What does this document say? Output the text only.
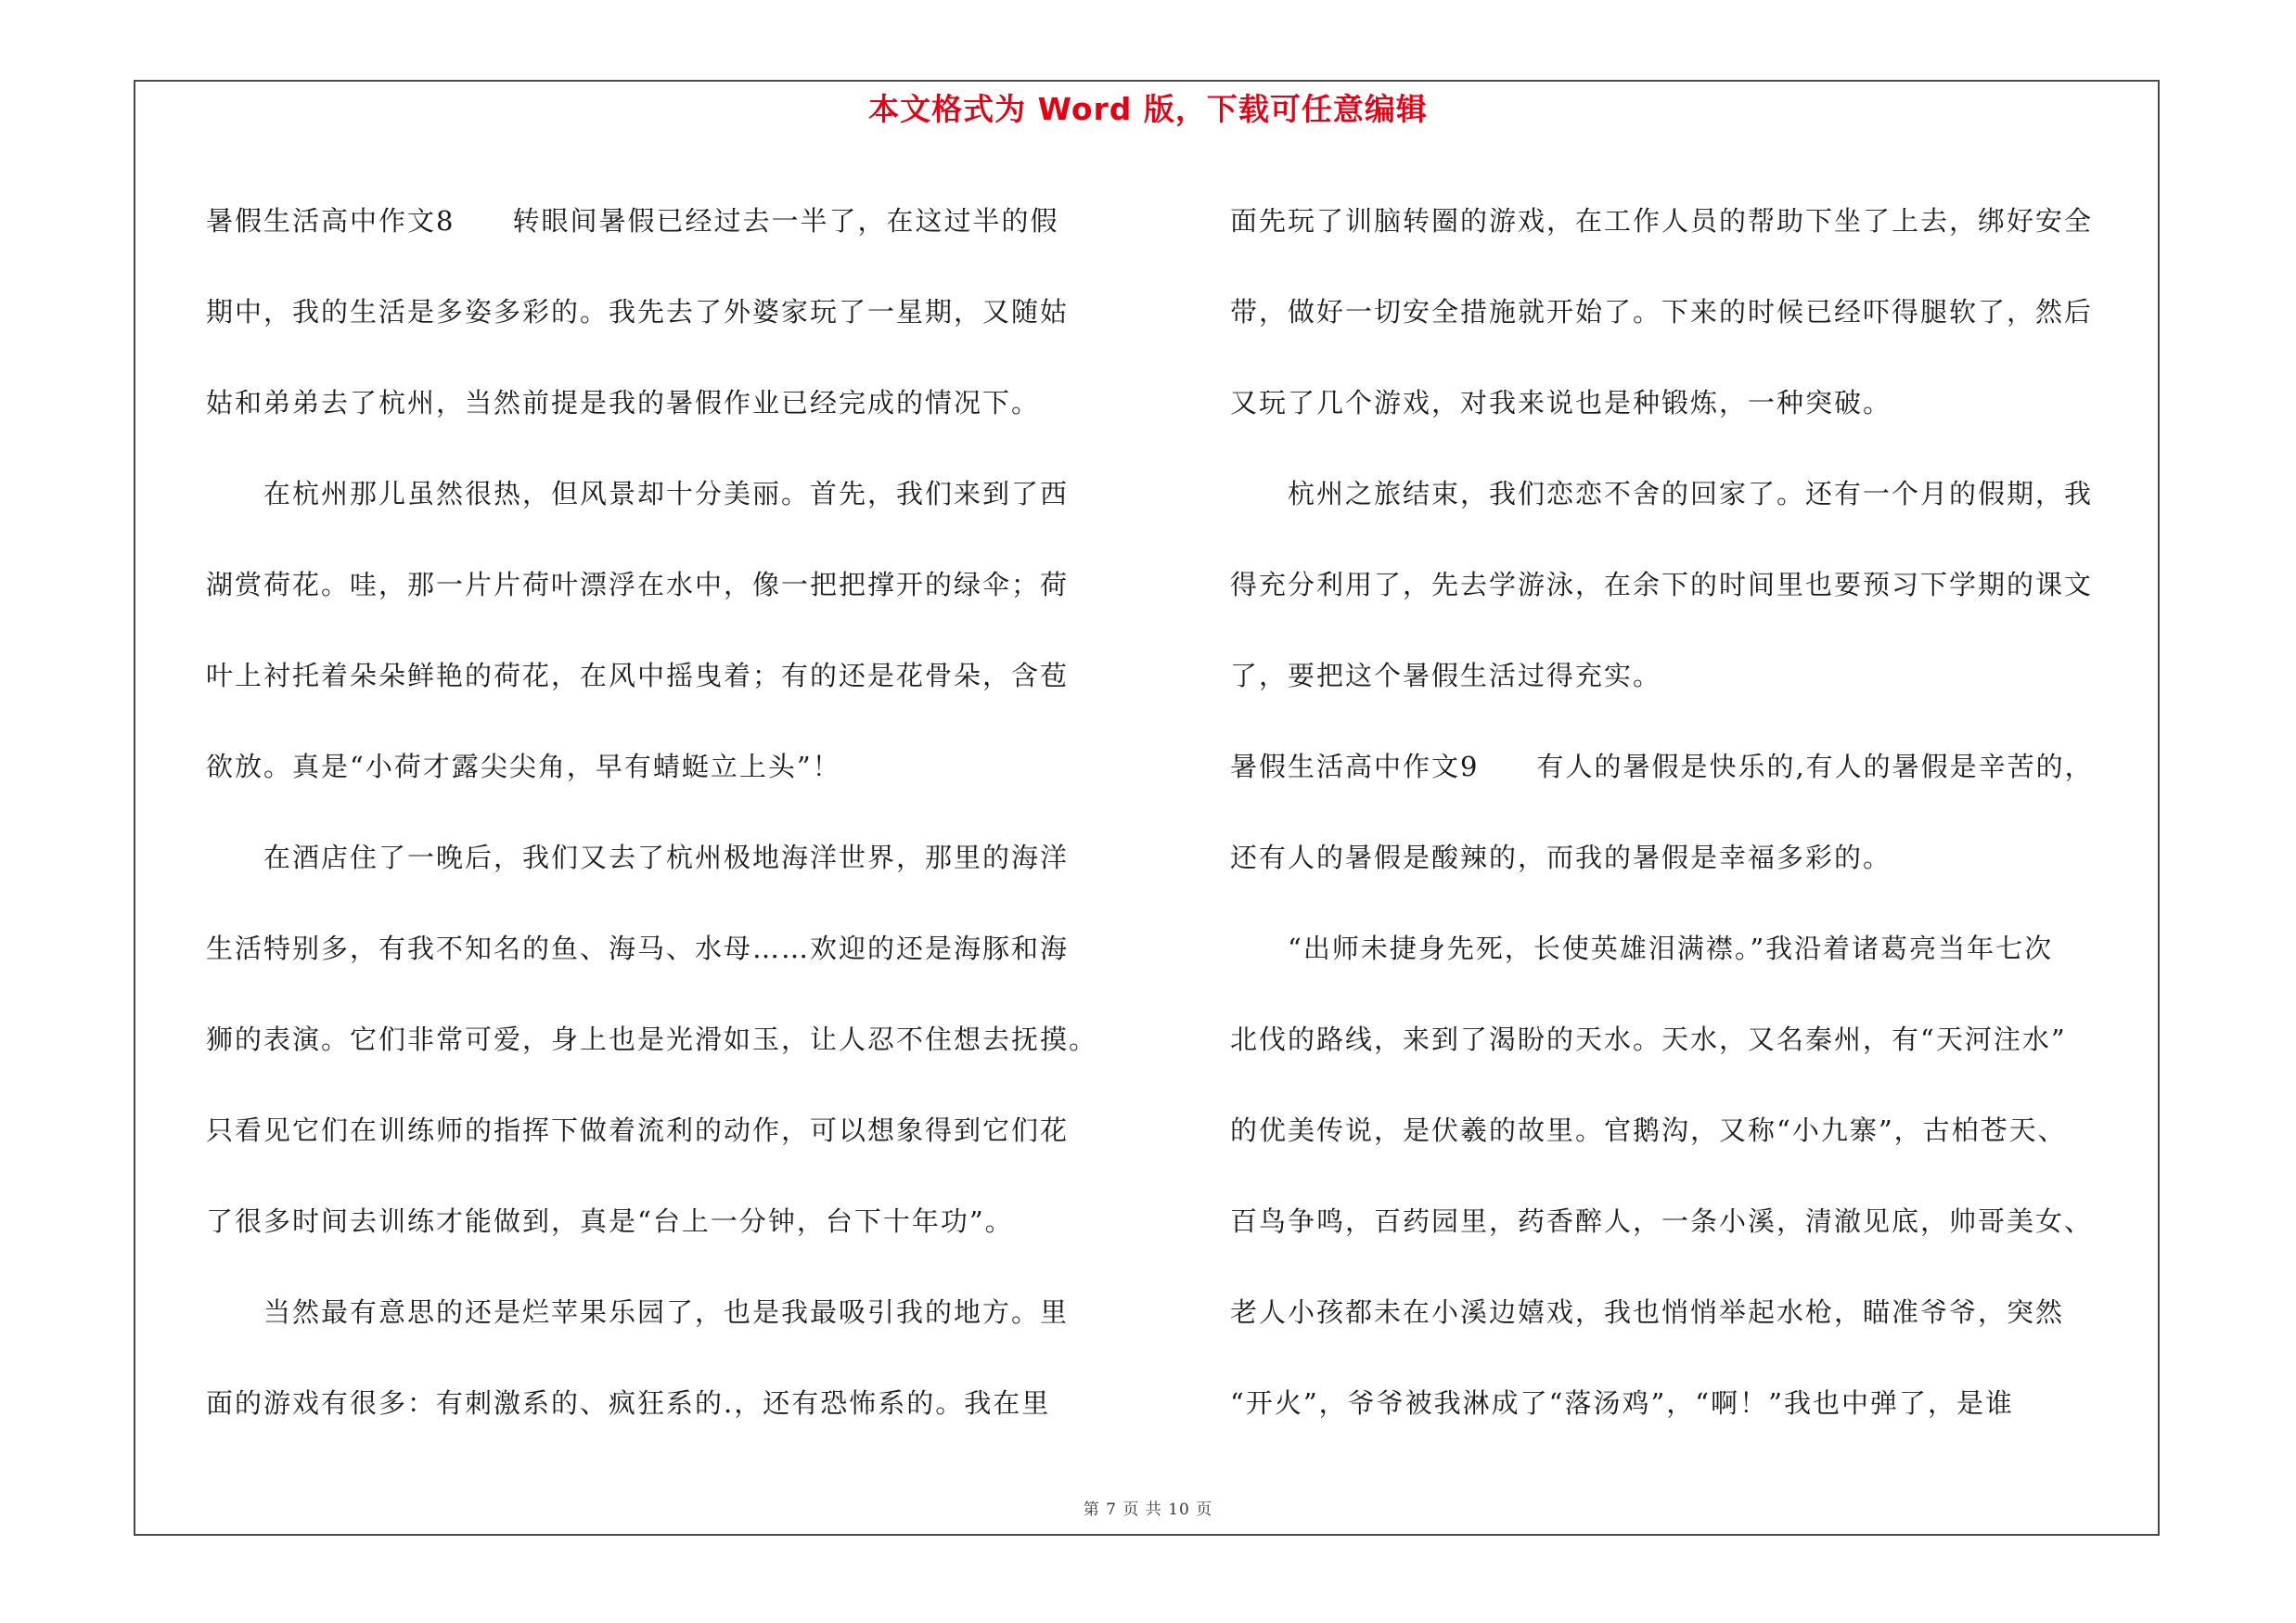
本文格式为 Word 版，下载可任意编辑
暑假生活高中作文8　　转眼间暑假已经过去一半了，在这过半的假
期中，我的生活是多姿多彩的。我先去了外婆家玩了一星期，又随姑
姑和弟弟去了杭州，当然前提是我的暑假作业已经完成的情况下。
　　在杭州那儿虽然很热，但风景却十分美丽。首先，我们来到了西
湖赏荷花。哇，那一片片荷叶漂浮在水中，像一把把撑开的绿伞；荷
叶上衬托着朵朵鲜艳的荷花，在风中摇曳着；有的还是花骨朵，含苞
欲放。真是“小荷才露尖尖角，早有蜻蜓立上头”！
　　在酒店住了一晚后，我们又去了杭州极地海洋世界，那里的海洋
生活特别多，有我不知名的鱼、海马、水母……欢迎的还是海豚和海
狮的表演。它们非常可爱，身上也是光滑如玉，让人忍不住想去抚摸。
只看见它们在训练师的指挥下做着流利的动作，可以想象得到它们花
了很多时间去训练才能做到，真是“台上一分钟，台下十年功”。
　　当然最有意思的还是烂苹果乐园了，也是我最吸引我的地方。里
面的游戏有很多：有刺激系的、疯狂系的.，还有恐怖系的。我在里
面先玩了训脑转圈的游戏，在工作人员的帮助下坐了上去，绑好安全
带，做好一切安全措施就开始了。下来的时候已经吓得腿软了，然后
又玩了几个游戏，对我来说也是种锻炼，一种突破。
　　杭州之旅结束，我们恋恋不舍的回家了。还有一个月的假期，我
得充分利用了，先去学游泳，在余下的时间里也要预习下学期的课文
了，要把这个暑假生活过得充实。
暑假生活高中作文9　　有人的暑假是快乐的,有人的暑假是辛苦的，
还有人的暑假是酸辣的，而我的暑假是幸福多彩的。
　　“出师未捷身先死，长使英雄泪满襟。”我沿着诸葛亮当年七次
北伐的路线，来到了渴盼的天水。天水，又名秦州，有“天河注水”
的优美传说，是伏羲的故里。官鹅沟，又称“小九寨”，古柏苍天、
百鸟争鸣，百药园里，药香醉人，一条小溪，清澈见底，帅哥美女、
老人小孩都未在小溪边嬉戏，我也悄悄举起水枪，瞄准爷爷，突然
“开火”，爷爷被我淋成了“落汤鸡”，“啊！”我也中弹了，是谁
第 7 页 共 10 页
